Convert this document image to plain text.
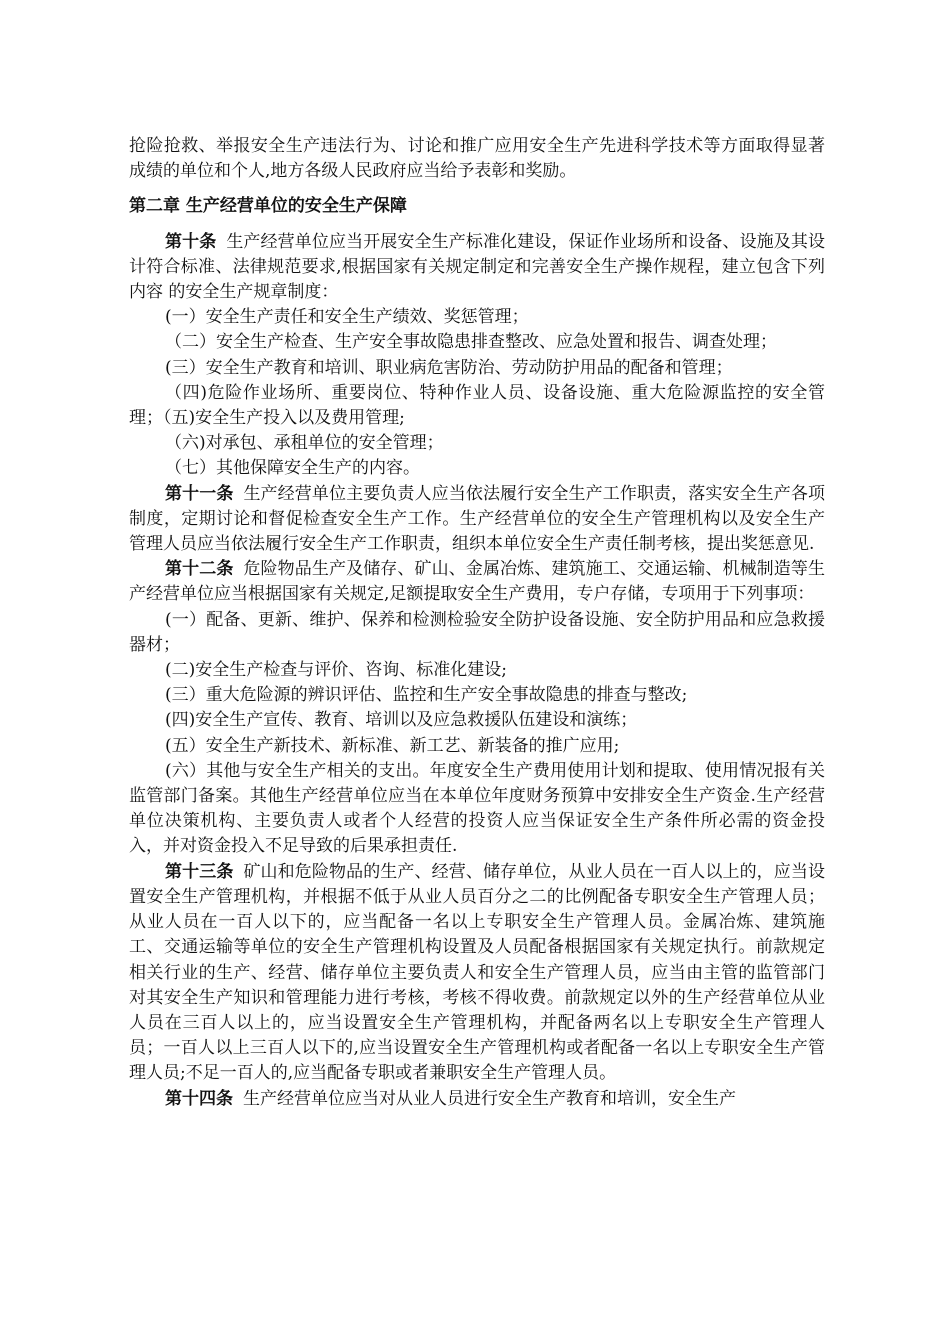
抢险抢救、举报安全生产违法行为、讨论和推广应用安全生产先进科学技术等方面取得显著成绩的单位和个人,地方各级人民政府应当给予表彰和奖励。

第二章 生产经营单位的安全生产保障

第十条 生产经营单位应当开展安全生产标准化建设，保证作业场所和设备、设施及其设计符合标准、法律规范要求,根据国家有关规定制定和完善安全生产操作规程，建立包含下列内容 的安全生产规章制度：

(一）安全生产责任和安全生产绩效、奖惩管理；

（二）安全生产检查、生产安全事故隐患排查整改、应急处置和报告、调查处理；

(三）安全生产教育和培训、职业病危害防治、劳动防护用品的配备和管理；

（四)危险作业场所、重要岗位、特种作业人员、设备设施、重大危险源监控的安全管理；（五)安全生产投入以及费用管理;

（六)对承包、承租单位的安全管理；

（七）其他保障安全生产的内容。

第十一条 生产经营单位主要负责人应当依法履行安全生产工作职责，落实安全生产各项制度，定期讨论和督促检查安全生产工作。生产经营单位的安全生产管理机构以及安全生产管理人员应当依法履行安全生产工作职责，组织本单位安全生产责任制考核，提出奖惩意见.

第十二条 危险物品生产及储存、矿山、金属冶炼、建筑施工、交通运输、机械制造等生产经营单位应当根据国家有关规定,足额提取安全生产费用，专户存储，专项用于下列事项：

(一）配备、更新、维护、保养和检测检验安全防护设备设施、安全防护用品和应急救援器材；

(二)安全生产检查与评价、咨询、标准化建设;

(三）重大危险源的辨识评估、监控和生产安全事故隐患的排查与整改;

(四)安全生产宣传、教育、培训以及应急救援队伍建设和演练；

(五）安全生产新技术、新标准、新工艺、新装备的推广应用;

(六）其他与安全生产相关的支出。年度安全生产费用使用计划和提取、使用情况报有关监管部门备案。其他生产经营单位应当在本单位年度财务预算中安排安全生产资金.生产经营单位决策机构、主要负责人或者个人经营的投资人应当保证安全生产条件所必需的资金投入，并对资金投入不足导致的后果承担责任.

第十三条 矿山和危险物品的生产、经营、储存单位，从业人员在一百人以上的，应当设置安全生产管理机构，并根据不低于从业人员百分之二的比例配备专职安全生产管理人员；从业人员在一百人以下的，应当配备一名以上专职安全生产管理人员。金属冶炼、建筑施工、交通运输等单位的安全生产管理机构设置及人员配备根据国家有关规定执行。前款规定相关行业的生产、经营、储存单位主要负责人和安全生产管理人员，应当由主管的监管部门对其安全生产知识和管理能力进行考核，考核不得收费。前款规定以外的生产经营单位从业人员在三百人以上的，应当设置安全生产管理机构，并配备两名以上专职安全生产管理人员；一百人以上三百人以下的,应当设置安全生产管理机构或者配备一名以上专职安全生产管理人员;不足一百人的,应当配备专职或者兼职安全生产管理人员。

第十四条 生产经营单位应当对从业人员进行安全生产教育和培训，安全生产
